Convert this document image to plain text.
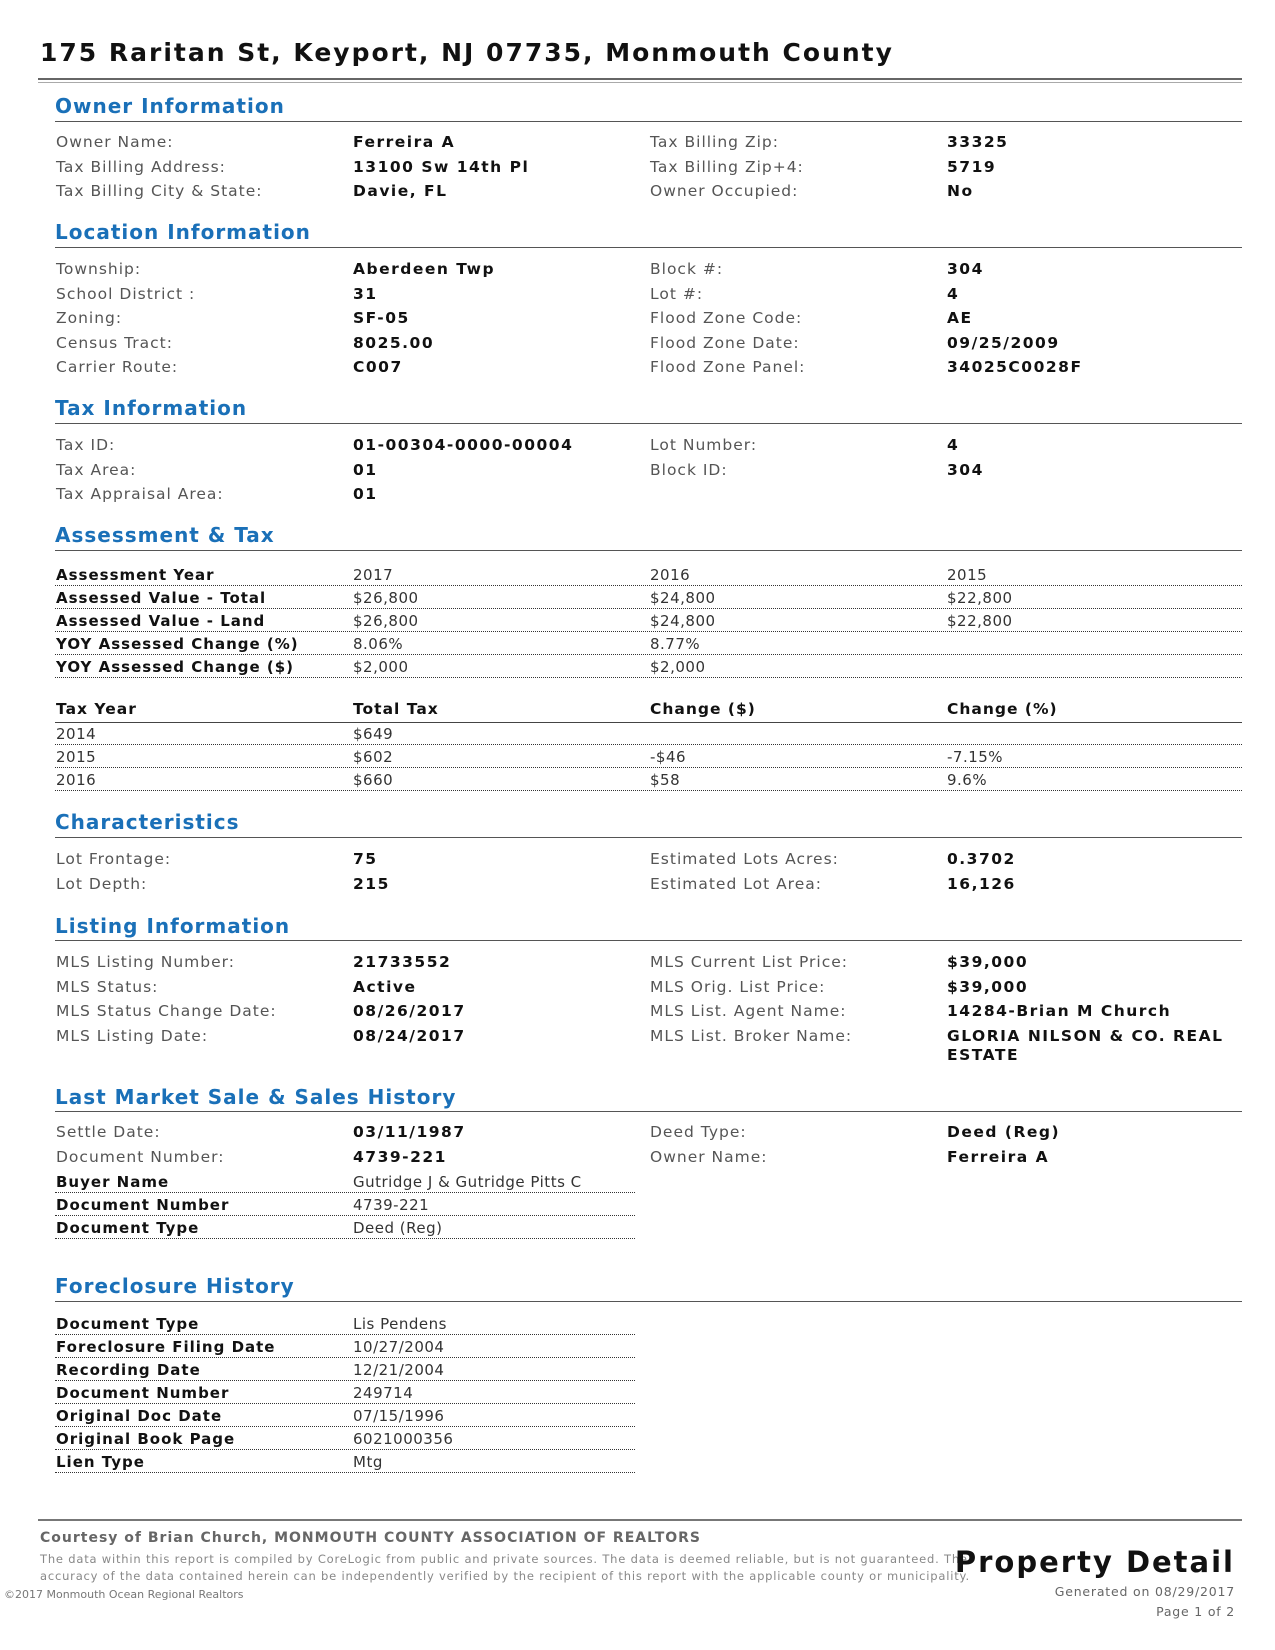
175 Raritan St, Keyport, NJ 07735, Monmouth County
Owner Information
Owner Name:	Ferreira A
Tax Billing Address:	13100 Sw 14th Pl
Tax Billing City & State:	Davie, FL
Tax Billing Zip:	33325
Tax Billing Zip+4:	5719
Owner Occupied:	No
Location Information
Township:	Aberdeen Twp
School District :	31
Zoning:	SF-05
Census Tract:	8025.00
Carrier Route:	C007
Block #:	304
Lot #:	4
Flood Zone Code:	AE
Flood Zone Date:	09/25/2009
Flood Zone Panel:	34025C0028F
Tax Information
Tax ID:	01-00304-0000-00004
Tax Area:	01
Tax Appraisal Area:	01
Lot Number:	4
Block ID:	304
Assessment & Tax
Assessment Year	2017	2016	2015
Assessed Value - Total	$26,800	$24,800	$22,800
Assessed Value - Land	$26,800	$24,800	$22,800
YOY Assessed Change (%)	8.06%	8.77%
YOY Assessed Change ($)	$2,000	$2,000
Tax Year	Total Tax	Change ($)	Change (%)
2014	$649
2015	$602	-$46	-7.15%
2016	$660	$58	9.6%
Characteristics
Lot Frontage:	75
Lot Depth:	215
Estimated Lots Acres:	0.3702
Estimated Lot Area:	16,126
Listing Information
MLS Listing Number:	21733552
MLS Status:	Active
MLS Status Change Date:	08/26/2017
MLS Listing Date:	08/24/2017
MLS Current List Price:	$39,000
MLS Orig. List Price:	$39,000
MLS List. Agent Name:	14284-Brian M Church
MLS List. Broker Name:	GLORIA NILSON & CO. REAL
ESTATE
Last Market Sale & Sales History
Settle Date:	03/11/1987
Document Number:	4739-221
Deed Type:	Deed (Reg)
Owner Name:	Ferreira A
Buyer Name	Gutridge J & Gutridge Pitts C
Document Number	4739-221
Document Type	Deed (Reg)
Foreclosure History
Document Type	Lis Pendens
Foreclosure Filing Date	10/27/2004
Recording Date	12/21/2004
Document Number	249714
Original Doc Date	07/15/1996
Original Book Page	6021000356
Lien Type	Mtg
Courtesy of Brian Church, MONMOUTH COUNTY ASSOCIATION OF REALTORS
The data within this report is compiled by CoreLogic from public and private sources. The data is deemed reliable, but is not guaranteed. The
accuracy of the data contained herein can be independently verified by the recipient of this report with the applicable county or municipality.
Property Detail
Generated on 08/29/2017
Page 1 of 2
©2017 Monmouth Ocean Regional Realtors
